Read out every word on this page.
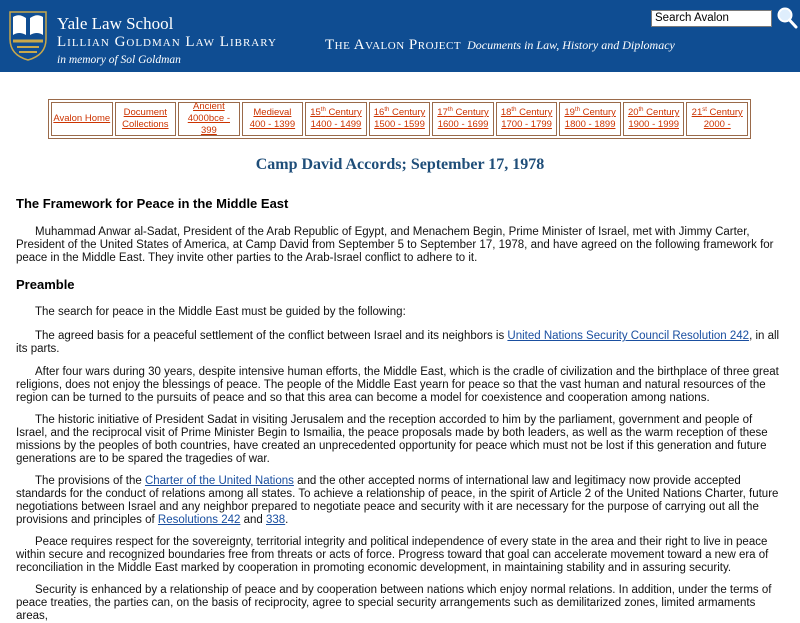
Yale Law School
Lillian Goldman Law Library
in memory of Sol Goldman
The Avalon Project Documents in Law, History and Diplomacy
Search Avalon
Avalon Home
Document
Collections
Ancient
4000bce - 399
Medieval
400 - 1399
15th Century
1400 - 1499
16th Century
1500 - 1599
17th Century
1600 - 1699
18th Century
1700 - 1799
19th Century
1800 - 1899
20th Century
1900 - 1999
21st Century
2000 -
Camp David Accords; September 17, 1978
The Framework for Peace in the Middle East

Muhammad Anwar al-Sadat, President of the Arab Republic of Egypt, and Menachem Begin, Prime Minister of Israel, met with Jimmy Carter, President of the United States of America, at Camp David from September 5 to September 17, 1978, and have agreed on the following framework for peace in the Middle East. They invite other parties to the Arab-Israel conflict to adhere to it.

Preamble

The search for peace in the Middle East must be guided by the following:

The agreed basis for a peaceful settlement of the conflict between Israel and its neighbors is United Nations Security Council Resolution 242, in all its parts.

After four wars during 30 years, despite intensive human efforts, the Middle East, which is the cradle of civilization and the birthplace of three great religions, does not enjoy the blessings of peace. The people of the Middle East yearn for peace so that the vast human and natural resources of the region can be turned to the pursuits of peace and so that this area can become a model for coexistence and cooperation among nations.

The historic initiative of President Sadat in visiting Jerusalem and the reception accorded to him by the parliament, government and people of Israel, and the reciprocal visit of Prime Minister Begin to Ismailia, the peace proposals made by both leaders, as well as the warm reception of these missions by the peoples of both countries, have created an unprecedented opportunity for peace which must not be lost if this generation and future generations are to be spared the tragedies of war.

The provisions of the Charter of the United Nations and the other accepted norms of international law and legitimacy now provide accepted standards for the conduct of relations among all states. To achieve a relationship of peace, in the spirit of Article 2 of the United Nations Charter, future negotiations between Israel and any neighbor prepared to negotiate peace and security with it are necessary for the purpose of carrying out all the provisions and principles of Resolutions 242 and 338.

Peace requires respect for the sovereignty, territorial integrity and political independence of every state in the area and their right to live in peace within secure and recognized boundaries free from threats or acts of force. Progress toward that goal can accelerate movement toward a new era of reconciliation in the Middle East marked by cooperation in promoting economic development, in maintaining stability and in assuring security.

Security is enhanced by a relationship of peace and by cooperation between nations which enjoy normal relations. In addition, under the terms of peace treaties, the parties can, on the basis of reciprocity, agree to special security arrangements such as demilitarized zones, limited armaments areas,
